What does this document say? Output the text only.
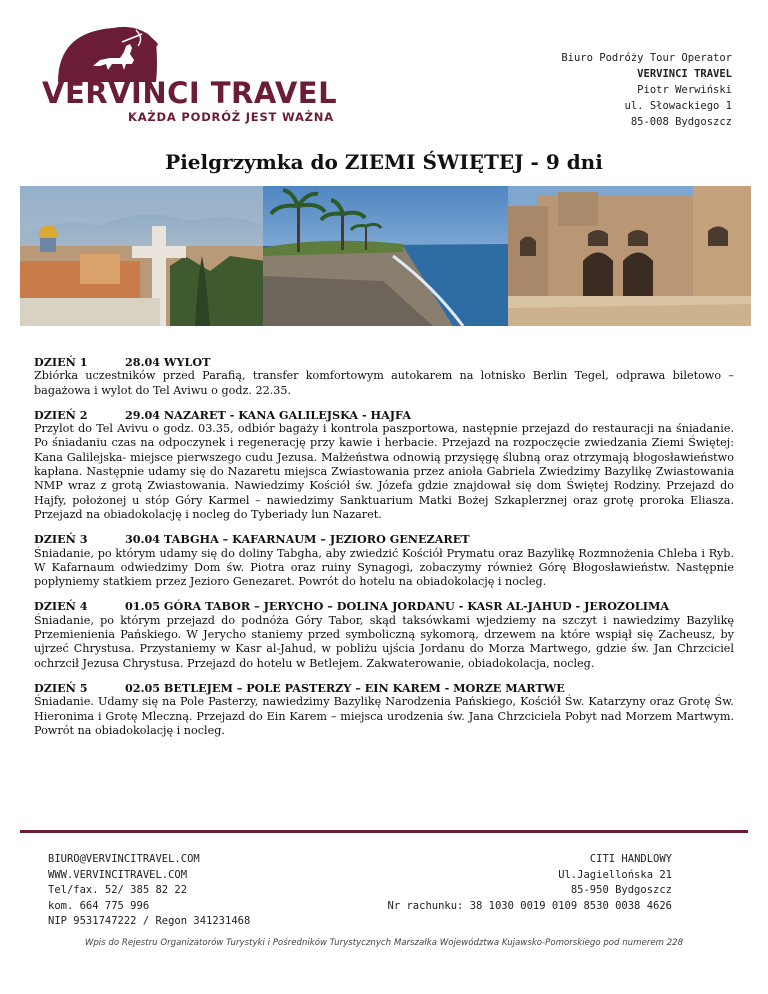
VERVINCI TRAVEL
KAŻDA PODRÓŻ JEST WAŻNA
Biuro Podróży Tour Operator
VERVINCI TRAVEL
Piotr Werwiński
ul. Słowackiego 1
85-008 Bydgoszcz
Pielgrzymka do ZIEMI ŚWIĘTEJ - 9 dni
DZIEŃ 1	28.04 WYLOT
Zbiórka uczestników przed Parafią, transfer komfortowym autokarem na lotnisko Berlin Tegel, odprawa biletowo – bagażowa i wylot do Tel Aviwu o godz. 22.35.
DZIEŃ 2	29.04 NAZARET - KANA GALILEJSKA - HAJFA
Przylot do Tel Avivu o godz. 03.35, odbiór bagaży i kontrola paszportowa, następnie przejazd do restauracji na śniadanie. Po śniadaniu czas na odpoczynek i regenerację przy kawie i herbacie. Przejazd na rozpoczęcie zwiedzania Ziemi Świętej: Kana Galilejska- miejsce pierwszego cudu Jezusa. Małżeństwa odnowią przysięgę ślubną oraz otrzymają błogosławieństwo kapłana. Następnie udamy się do Nazaretu miejsca Zwiastowania przez anioła Gabriela Zwiedzimy Bazylikę Zwiastowania NMP wraz z grotą Zwiastowania. Nawiedzimy Kościół św. Józefa gdzie znajdował się dom Świętej Rodziny. Przejazd do Hajfy, położonej u stóp Góry Karmel – nawiedzimy Sanktuarium Matki Bożej Szkaplerznej oraz grotę proroka Eliasza. Przejazd na obiadokolację i nocleg do Tyberiady lun Nazaret.
DZIEŃ 3	30.04 TABGHA – KAFARNAUM – JEZIORO GENEZARET
Śniadanie, po którym udamy się do doliny Tabgha, aby zwiedzić Kościół Prymatu oraz Bazylikę Rozmnożenia Chleba i Ryb. W Kafarnaum odwiedzimy Dom św. Piotra oraz ruiny Synagogi, zobaczymy również Górę Błogosławieństw. Następnie popłyniemy statkiem przez Jezioro Genezaret. Powrót do hotelu na obiadokolację i nocleg.
DZIEŃ 4	01.05 GÓRA TABOR – JERYCHO – DOLINA JORDANU - KASR AL-JAHUD - JEROZOLIMA
Śniadanie, po którym przejazd do podnóża Góry Tabor, skąd taksówkami wjedziemy na szczyt i nawiedzimy Bazylikę Przemienienia Pańskiego. W Jerycho staniemy przed symboliczną sykomorą, drzewem na które wspiął się Zacheusz, by ujrzeć Chrystusa. Przystaniemy w Kasr al-Jahud, w pobliżu ujścia Jordanu do Morza Martwego, gdzie św. Jan Chrzciciel ochrzcił Jezusa Chrystusa. Przejazd do hotelu w Betlejem. Zakwaterowanie, obiadokolacja, nocleg.
DZIEŃ 5	02.05 BETLEJEM – POLE PASTERZY – EIN KAREM - MORZE MARTWE
Śniadanie. Udamy się na Pole Pasterzy, nawiedzimy Bazylikę Narodzenia Pańskiego, Kościół Św. Katarzyny oraz Grotę Św. Hieronima i Grotę Mleczną. Przejazd do Ein Karem – miejsca urodzenia św. Jana Chrzciciela Pobyt nad Morzem Martwym. Powrót na obiadokolację i nocleg.
BIURO@VERVINCITRAVEL.COM
WWW.VERVINCITRAVEL.COM
Tel/fax. 52/ 385 82 22
kom. 664 775 996
NIP 9531747222 / Regon 341231468
CITI HANDLOWY
Ul.Jagiellońska 21
85-950 Bydgoszcz
Nr rachunku: 38 1030 0019 0109 8530 0038 4626
Wpis do Rejestru Organizatorów Turystyki i Pośredników Turystycznych Marszałka Województwa Kujawsko-Pomorskiego pod numerem 228
